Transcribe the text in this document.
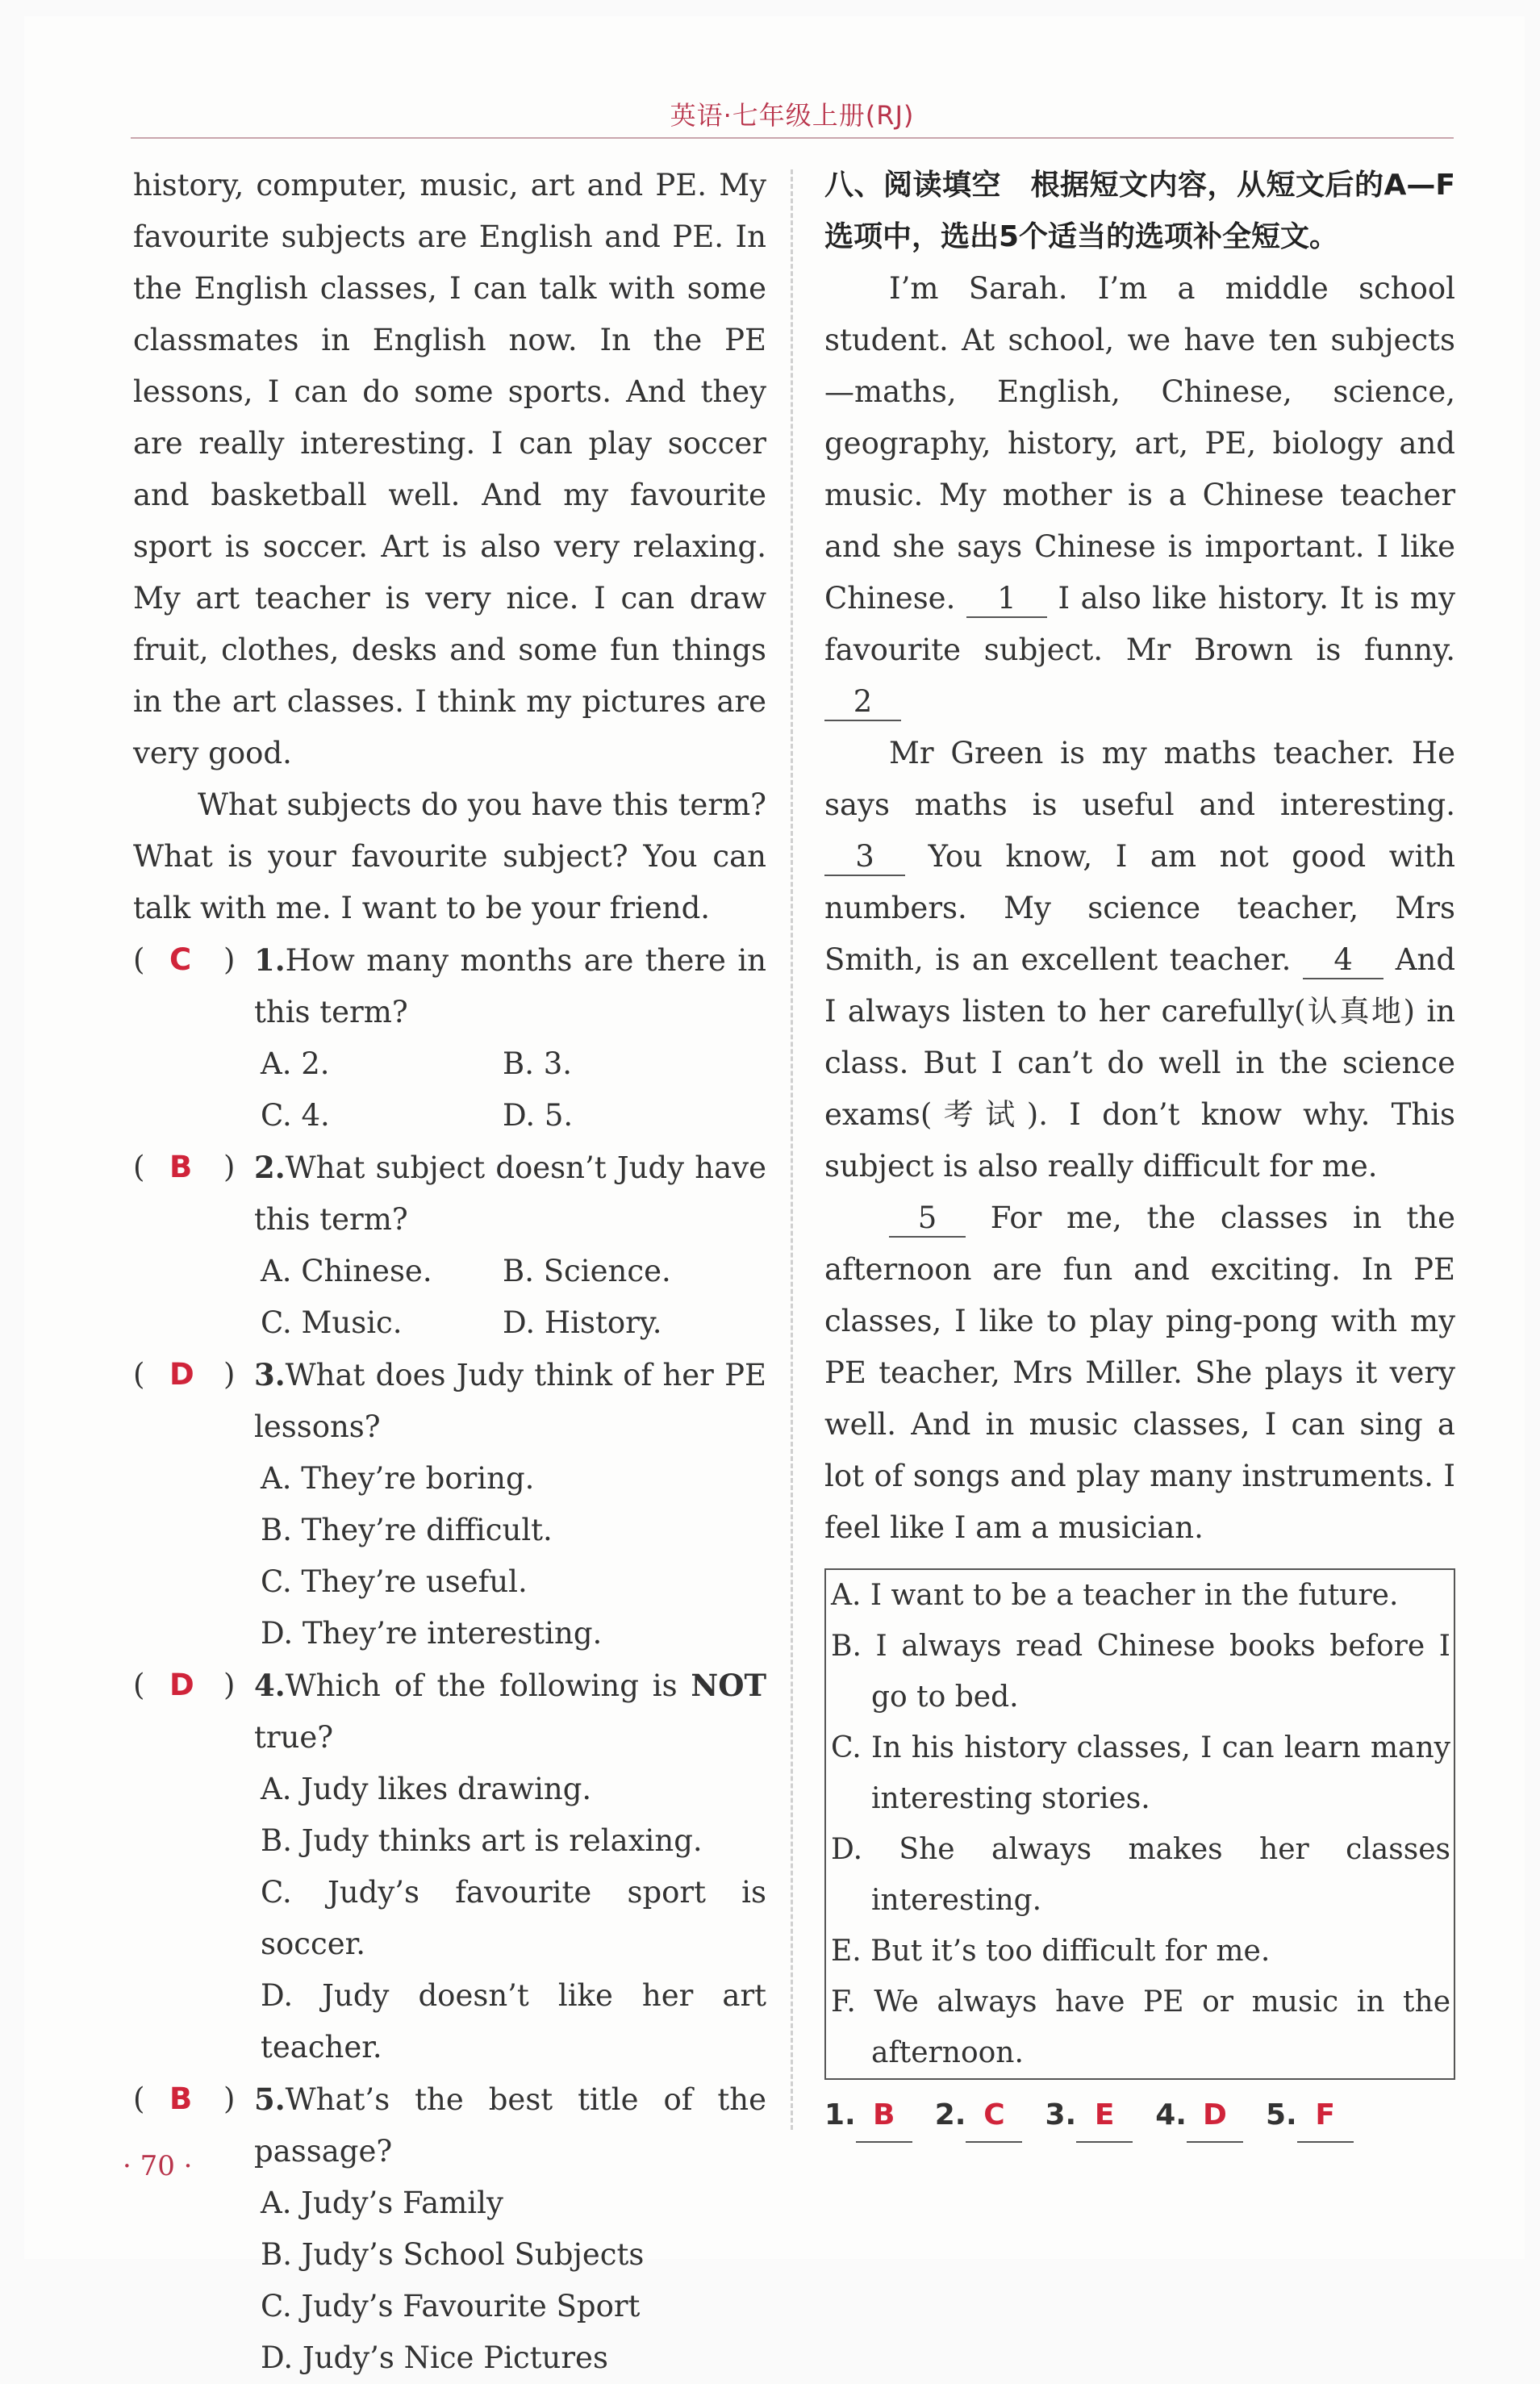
英语·七年级上册(RJ)

history, computer, music, art and PE. My favourite subjects are English and PE. In the English classes, I can talk with some classmates in English now. In the PE lessons, I can do some sports. And they are really interesting. I can play soccer and basketball well. And my favourite sport is soccer. Art is also very relaxing. My art teacher is very nice. I can draw fruit, clothes, desks and some fun things in the art classes. I think my pictures are very good.

What subjects do you have this term? What is your favourite subject? You can talk with me. I want to be your friend.

( C ) 1.How many months are there in this term?
A. 2.	B. 3.
C. 4.	D. 5.
( B ) 2.What subject doesn’t Judy have this term?
A. Chinese.	B. Science.
C. Music.	D. History.
( D ) 3.What does Judy think of her PE lessons?
A. They’re boring.
B. They’re difficult.
C. They’re useful.
D. They’re interesting.
( D ) 4.Which of the following is NOT true?
A. Judy likes drawing.
B. Judy thinks art is relaxing.
C. Judy’s favourite sport is soccer.
D. Judy doesn’t like her art teacher.
( B ) 5.What’s the best title of the passage?
A. Judy’s Family
B. Judy’s School Subjects
C. Judy’s Favourite Sport
D. Judy’s Nice Pictures
八、阅读填空　根据短文内容，从短文后的A—F选项中，选出5个适当的选项补全短文。

I’m Sarah. I’m a middle school student. At school, we have ten subjects—maths, English, Chinese, science, geography, history, art, PE, biology and music. My mother is a Chinese teacher and she says Chinese is important. I like Chinese. 1 I also like history. It is my favourite subject. Mr Brown is funny. 2

Mr Green is my maths teacher. He says maths is useful and interesting. 3 You know, I am not good with numbers. My science teacher, Mrs Smith, is an excellent teacher. 4 And I always listen to her carefully(认真地) in class. But I can’t do well in the science exams(考试). I don’t know why. This subject is also really difficult for me.

5 For me, the classes in the afternoon are fun and exciting. In PE classes, I like to play ping-pong with my PE teacher, Mrs Miller. She plays it very well. And in music classes, I can sing a lot of songs and play many instruments. I feel like I am a musician.

A. I want to be a teacher in the future.
B. I always read Chinese books before I go to bed.
C. In his history classes, I can learn many interesting stories.
D. She always makes her classes interesting.
E. But it’s too difficult for me.
F. We always have PE or music in the afternoon.
1. B	2. C	3. E	4. D	5. F
· 70 ·
